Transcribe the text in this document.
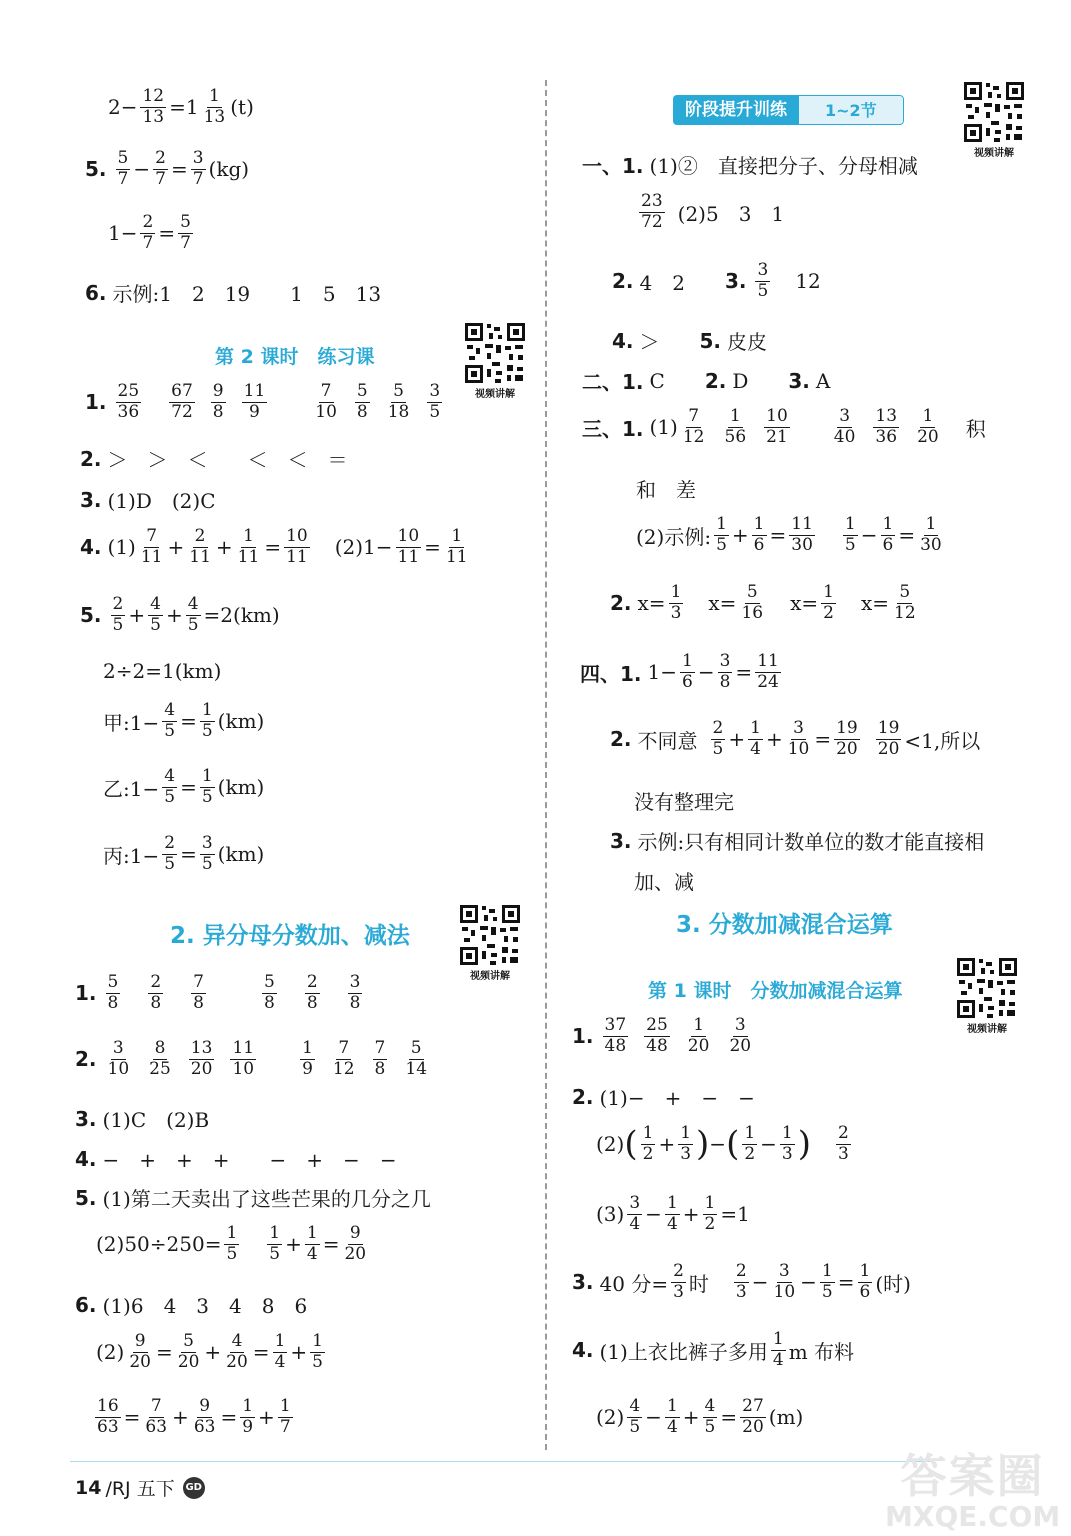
$2- \frac{12}{13} =1 \frac{1}{13} (t)$
5. $\frac{5}{7} - \frac{2}{7} = \frac{3}{7} (kg)$
$1- \frac{2}{7} = \frac{5}{7}$
6. 示例:1　2　19　　1　5　13
第 2 课时　练习课
视频讲解
1. $\frac{25}{36} \frac{67}{72} \frac{9}{8} \frac{11}{9}$	$\frac{7}{10} \frac{5}{8} \frac{5}{18} \frac{3}{5}$
2. ＞　＞　＜　　＜　＜　＝
3. (1)D　(2)C
4. $(1) \frac{7}{11} + \frac{2}{11} + \frac{1}{11} = \frac{10}{11} (2)1- \frac{10}{11} = \frac{1}{11}$
5. $\frac{2}{5} + \frac{4}{5} + \frac{4}{5} =2(km)$
2÷2=1(km)
甲:1− $\frac{4}{5} = \frac{1}{5} (km)$
乙:1− $\frac{4}{5} = \frac{1}{5} (km)$
丙:1− $\frac{2}{5} = \frac{3}{5} (km)$
2. 异分母分数加、减法
视频讲解
1. $\frac{5}{8} \frac{2}{8} \frac{7}{8}$	$\frac{5}{8} \frac{2}{8} \frac{3}{8}$
2. $\frac{3}{10} \frac{8}{25} \frac{13}{20} \frac{11}{10}$	$\frac{1}{9} \frac{7}{12} \frac{7}{8} \frac{5}{14}$
3. (1)C　(2)B
4. −　+　+　+　　−　+　−　−
5. (1)第二天卖出了这些芒果的几分之几
$(2)50\div 250= \frac{1}{5} \frac{1}{5} + \frac{1}{4} = \frac{9}{20}$
6. (1)6　4　3　4　8　6
$(2) \frac{9}{20} = \frac{5}{20} + \frac{4}{20} = \frac{1}{4} + \frac{1}{5}$
$\frac{16}{63} = \frac{7}{63} + \frac{9}{63} = \frac{1}{9} + \frac{1}{7}$
阶段提升训练	1~2节
视频讲解
一、1. (1)②　直接把分子、分母相减
$\frac{23}{72} (2)5$　3　1
2. 4　2 3. $\frac{3}{5} 12$
4. ＞ 5. 皮皮
二、1. C 2. D 3. A
三、1. $(1) \frac{7}{12} \frac{1}{56} \frac{10}{21} \frac{3}{40} \frac{13}{36} \frac{1}{20}$ 积
和　差
(2)示例: $\frac{1}{5} + \frac{1}{6} = \frac{11}{30} \frac{1}{5} - \frac{1}{6} = \frac{1}{30}$
2. $x= \frac{1}{3} x= \frac{5}{16} x= \frac{1}{2} x= \frac{5}{12}$
四、1. $1- \frac{1}{6} - \frac{3}{8} = \frac{11}{24}$
2. 不同意 $\frac{2}{5} + \frac{1}{4} + \frac{3}{10} = \frac{19}{20} \frac{19}{20} <1$,所以
没有整理完
3. 示例:只有相同计数单位的数才能直接相
加、减
3. 分数加减混合运算
第 1 课时　分数加减混合运算
视频讲解
1. $\frac{37}{48} \frac{25}{48} \frac{1}{20} \frac{3}{20}$
2. (1)−　+　−　−
(2) ( $\frac{1}{2} + \frac{1}{3}$ ) − ( $\frac{1}{2} - \frac{1}{3}$ ) $\frac{2}{3}$
$(3) \frac{3}{4} - \frac{1}{4} + \frac{1}{2} =1$
3. 40 分= $\frac{2}{3}$ 时 $\frac{2}{3} - \frac{3}{10} - \frac{1}{5} = \frac{1}{6}$ (时)
4. (1)上衣比裤子多用 $\frac{1}{4}$ m 布料
$(2) \frac{4}{5} - \frac{1}{4} + \frac{4}{5} = \frac{27}{20} (m)$
14 /RJ 五下 GD	答案圈
MXQE.COM
